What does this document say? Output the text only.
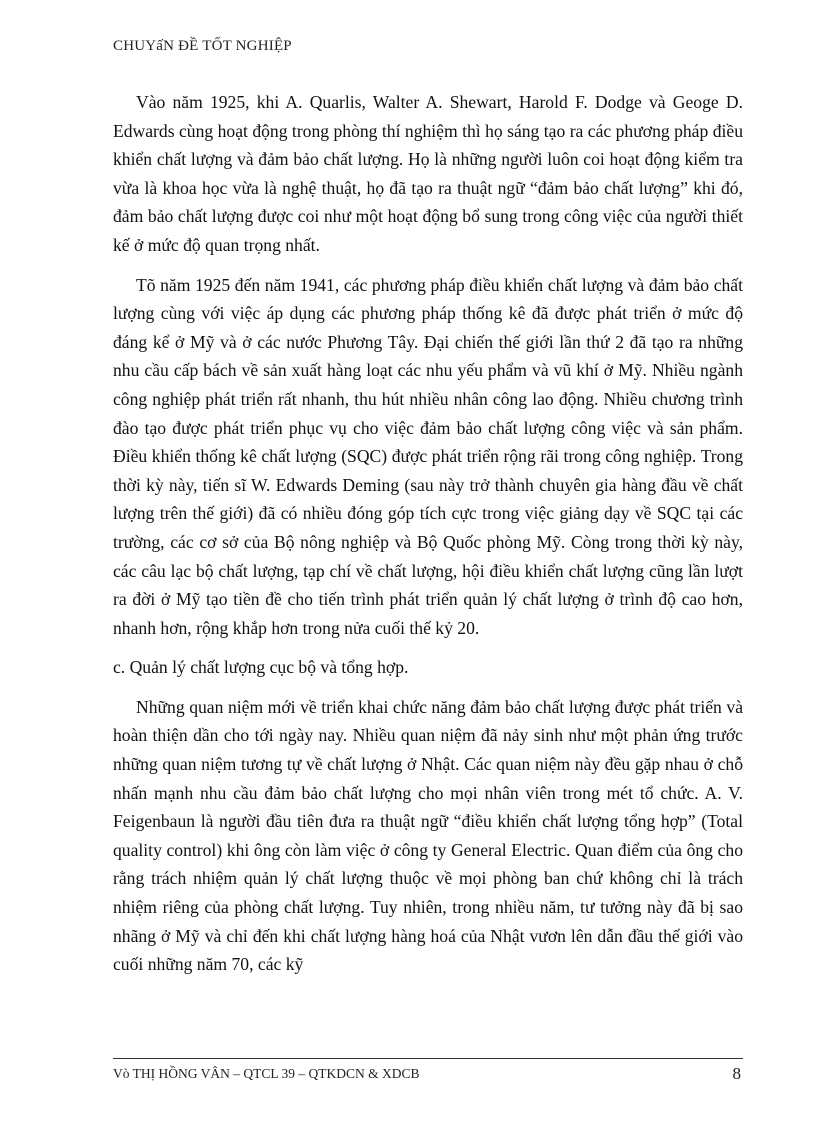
CHUYấN ĐỀ TỐT NGHIỆP

Vào năm 1925, khi A. Quarlis, Walter A. Shewart, Harold F. Dodge và Geoge D. Edwards cùng hoạt động trong phòng thí nghiệm thì họ sáng tạo ra các phương pháp điều khiển chất lượng và đảm bảo chất lượng. Họ là những người luôn coi hoạt động kiểm tra vừa là khoa học vừa là nghệ thuật, họ đã tạo ra thuật ngữ “đảm bảo chất lượng” khi đó, đảm bảo chất lượng được coi như một hoạt động bổ sung trong công việc của người thiết kế ở mức độ quan trọng nhất.

Tõ năm 1925 đến năm 1941, các phương pháp điều khiển chất lượng và đảm bảo chất lượng cùng với việc áp dụng các phương pháp thống kê đã được phát triển ở mức độ đáng kể ở Mỹ và ở các nước Phương Tây. Đại chiến thế giới lần thứ 2 đã tạo ra những nhu cầu cấp bách về sản xuất hàng loạt các nhu yếu phẩm và vũ khí ở Mỹ. Nhiều ngành công nghiệp phát triển rất nhanh, thu hút nhiều nhân công lao động. Nhiều chương trình đào tạo được phát triển phục vụ cho việc đảm bảo chất lượng công việc và sản phẩm. Điều khiển thống kê chất lượng (SQC) được phát triển rộng rãi trong công nghiệp. Trong thời kỳ này, tiến sĩ W. Edwards Deming (sau này trở thành chuyên gia hàng đầu về chất lượng trên thế giới) đã có nhiều đóng góp tích cực trong việc giảng dạy về SQC tại các trường, các cơ sở của Bộ nông nghiệp và Bộ Quốc phòng Mỹ. Còng trong thời kỳ này, các câu lạc bộ chất lượng, tạp chí về chất lượng, hội điều khiển chất lượng cũng lần lượt ra đời ở Mỹ tạo tiền đề cho tiến trình phát triển quản lý chất lượng ở trình độ cao hơn, nhanh hơn, rộng khắp hơn trong nửa cuối thế kỷ 20.

c. Quản lý chất lượng cục bộ và tổng hợp.

Những quan niệm mới về triển khai chức năng đảm bảo chất lượng được phát triển và hoàn thiện dần cho tới ngày nay. Nhiều quan niệm đã nảy sinh như một phản ứng trước những quan niệm tương tự về chất lượng ở Nhật. Các quan niệm này đều gặp nhau ở chỗ nhấn mạnh nhu cầu đảm bảo chất lượng cho mọi nhân viên trong mét tổ chức. A. V. Feigenbaun là người đầu tiên đưa ra thuật ngữ “điều khiển chất lượng tổng hợp” (Total quality control) khi ông còn làm việc ở công ty General Electric. Quan điểm của ông cho rằng trách nhiệm quản lý chất lượng thuộc về mọi phòng ban chứ không chỉ là trách nhiệm riêng của phòng chất lượng. Tuy nhiên, trong nhiều năm, tư tưởng này đã bị sao nhãng ở Mỹ và chỉ đến khi chất lượng hàng hoá của Nhật vươn lên dẫn đầu thế giới vào cuối những năm 70, các kỹ

Vò THỊ HỒNG VÂN – QTCL 39 – QTKDCN & XDCB	8
